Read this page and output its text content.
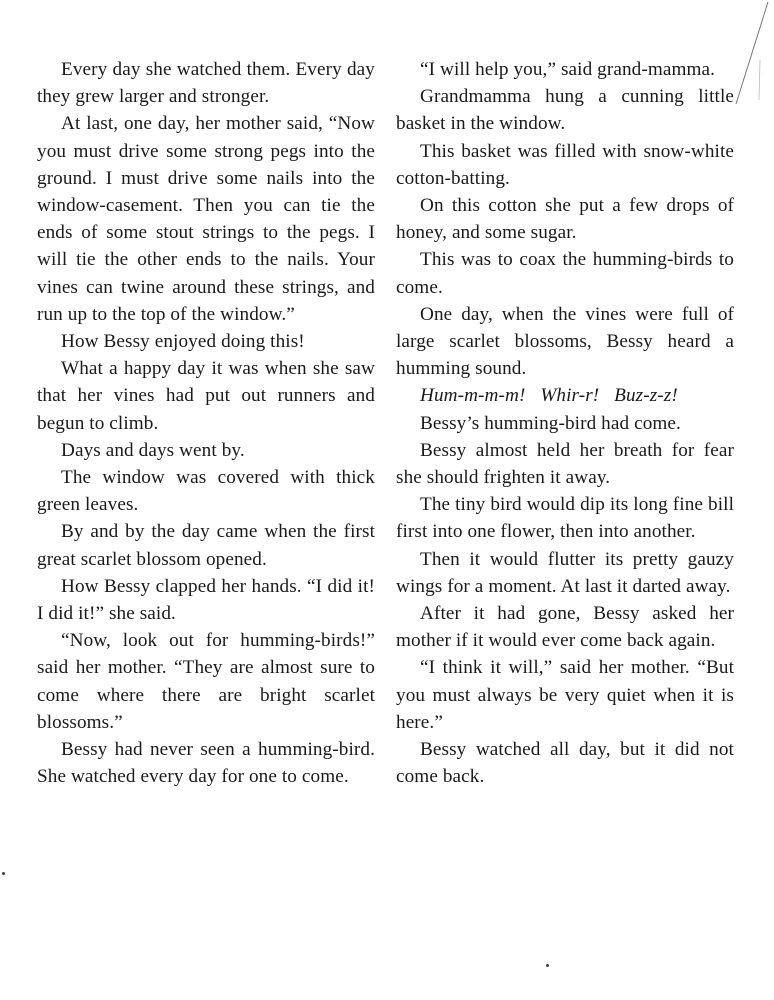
Every day she watched them. Every day they grew larger and stronger.

At last, one day, her mother said, “Now you must drive some strong pegs into the ground. I must drive some nails into the window-casement. Then you can tie the ends of some stout strings to the pegs. I will tie the other ends to the nails. Your vines can twine around these strings, and run up to the top of the window.”

How Bessy enjoyed doing this!

What a happy day it was when she saw that her vines had put out runners and begun to climb.

Days and days went by.

The window was covered with thick green leaves.

By and by the day came when the first great scarlet blossom opened.

How Bessy clapped her hands. “I did it! I did it!” she said.

“Now, look out for humming-birds!” said her mother. “They are almost sure to come where there are bright scarlet blossoms.”

Bessy had never seen a humming-bird. She watched every day for one to come.

“I will help you,” said grand-mamma.

Grandmamma hung a cunning little basket in the window.

This basket was filled with snow-white cotton-batting.

On this cotton she put a few drops of honey, and some sugar.

This was to coax the humming-birds to come.

One day, when the vines were full of large scarlet blossoms, Bessy heard a humming sound.

Hum-m-m-m! Whir-r! Buz-z-z!

Bessy’s humming-bird had come.

Bessy almost held her breath for fear she should frighten it away.

The tiny bird would dip its long fine bill first into one flower, then into another.

Then it would flutter its pretty gauzy wings for a moment. At last it darted away.

After it had gone, Bessy asked her mother if it would ever come back again.

“I think it will,” said her mother. “But you must always be very quiet when it is here.”

Bessy watched all day, but it did not come back.
